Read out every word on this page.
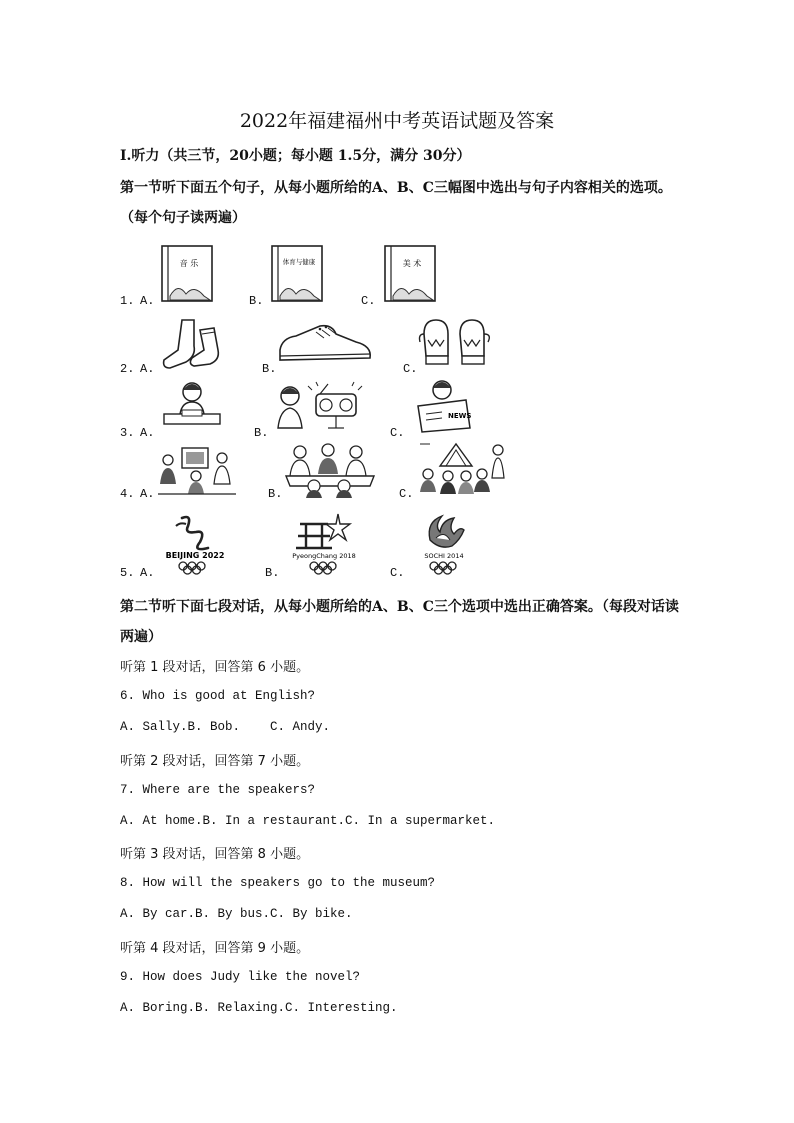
2022年福建福州中考英语试题及答案
I.听力（共三节，20小题；每小题 1.5分，满分 30分）
第一节听下面五个句子，从每小题所给的A、B、C三幅图中选出与句子内容相关的选项。
（每个句子读两遍）
1. A.	B.	C.
音 乐	体育与健康	美 术
2. A.	B.	C.
3. A.	B.	C.
NEWS
4. A.	B.	C.
5. A.	B.	C.
BEIJING 2022	PyeongChang 2018	SOCHI 2014
第二节听下面七段对话，从每小题所给的A、B、C三个选项中选出正确答案。（每段对话读
两遍）
听第 1 段对话，回答第 6 小题。
6. Who is good at English?
A. Sally.B. Bob.    C. Andy.
听第 2 段对话，回答第 7 小题。
7. Where are the speakers?
A. At home.B. In a restaurant.C. In a supermarket.
听第 3 段对话，回答第 8 小题。
8. How will the speakers go to the museum?
A. By car.B. By bus.C. By bike.
听第 4 段对话，回答第 9 小题。
9. How does Judy like the novel?
A. Boring.B. Relaxing.C. Interesting.
